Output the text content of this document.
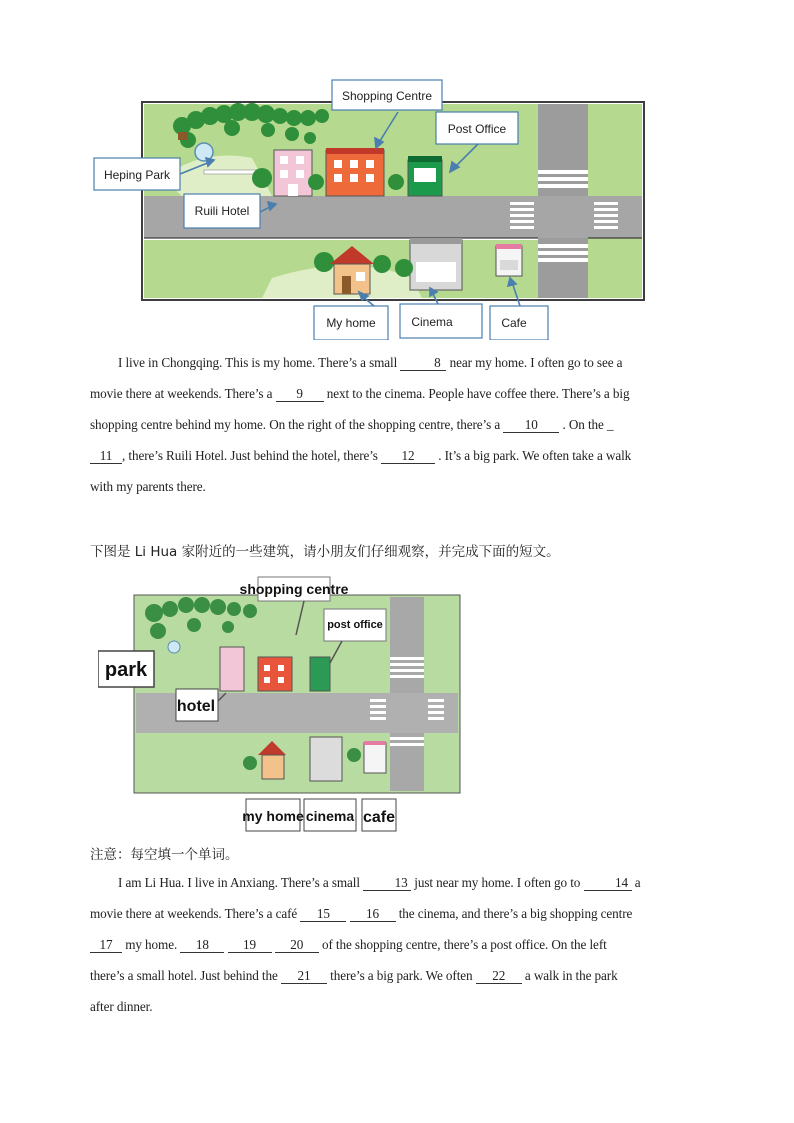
Shopping Centre
Post Office
Heping Park
Ruili Hotel
My home	Cinema	Cafe

I live in Chongqing. This is my home. There’s a small	8 near my home. I often go to see a

movie there at weekends. There’s a 9 next to the cinema. People have coffee there. There’s a big

shopping centre behind my home. On the right of the shopping centre, there’s a 10 . On the _

11 , there’s Ruili Hotel. Just behind the hotel, there’s 12 . It’s a big park. We often take a walk

with my parents there.

下图是 Li Hua 家附近的一些建筑，请小朋友们仔细观察，并完成下面的短文。
shopping centre
post office
park
hotel
my home cinema cafe
注意：每空填一个单词。

I am Li Hua. I live in Anxiang. There’s a small 13 just near my home. I often go to 14 a

movie there at weekends. There’s a café 15	16 the cinema, and there’s a big shopping centre

17 my home. 18	19	20 of the shopping centre, there’s a post office. On the left

there’s a small hotel. Just behind the 21 there’s a big park. We often 22 a walk in the park

after dinner.
